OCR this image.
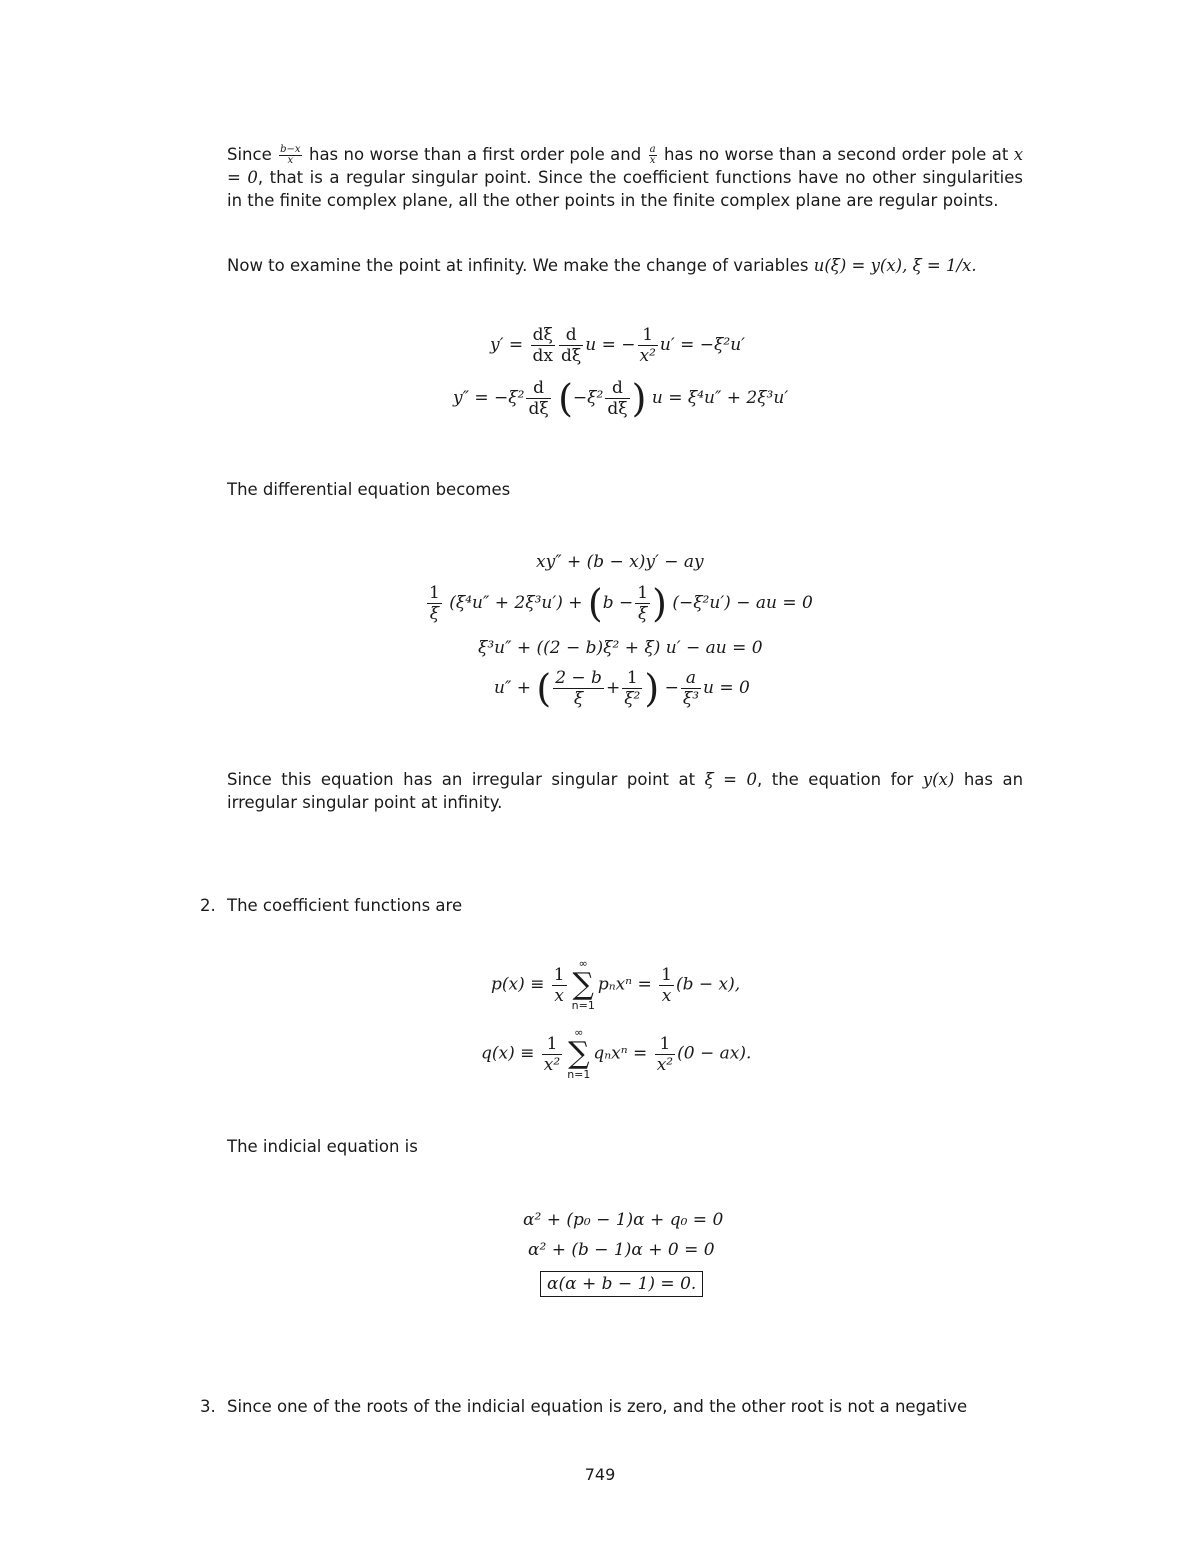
Since $\frac{b-x}{x}$ has no worse than a first order pole and $\frac{a}{x}$ has no worse than a second order pole at x = 0, that is a regular singular point. Since the coefficient functions have no other singularities in the finite complex plane, all the other points in the finite complex plane are regular points.
Now to examine the point at infinity. We make the change of variables u(ξ) = y(x), ξ = 1/x.
$y' = \frac{d\xi}{dx} \frac{d}{d\xi}$ u = − $\frac{1}{\text{x²}} u' = -\xi^2u'$
$y'' = -\xi^2 \frac{d}{d\xi} (-\xi^2 \frac{d}{d\xi}$ ) u = ξ⁴u″ + 2ξ³u′
The differential equation becomes
xy″ + (b − x)y′ − ay
$\frac{1}{\xi} (\xi^4u'' + 2\xi^3u') + (b - \frac{1}{\xi}$ ) (−ξ²u′) − au = 0
ξ³u″ + ((2 − b)ξ² + ξ) u′ − au = 0
u″ + ( $\frac{2 - b}{\xi} + \frac{1}{\text{ξ²}}$ ) − $\frac{a}{\text{ξ³}}$ u = 0
Since this equation has an irregular singular point at ξ = 0, the equation for y(x) has an irregular singular point at infinity.
2. The coefficient functions are
$p(x) \equiv \frac{1}{x}$
∞
∑
n=1
$p_nx^n = \frac{1}{x} (b - x)$,
$q(x) \equiv \frac{1}{\text{x²}}$
∞
∑
n=1
$q_nx^n = \frac{1}{\text{x²}} (0 - ax)$.
The indicial equation is
α² + (p₀ − 1)α + q₀ = 0
α² + (b − 1)α + 0 = 0
α(α + b − 1) = 0.
3. Since one of the roots of the indicial equation is zero, and the other root is not a negative
749
